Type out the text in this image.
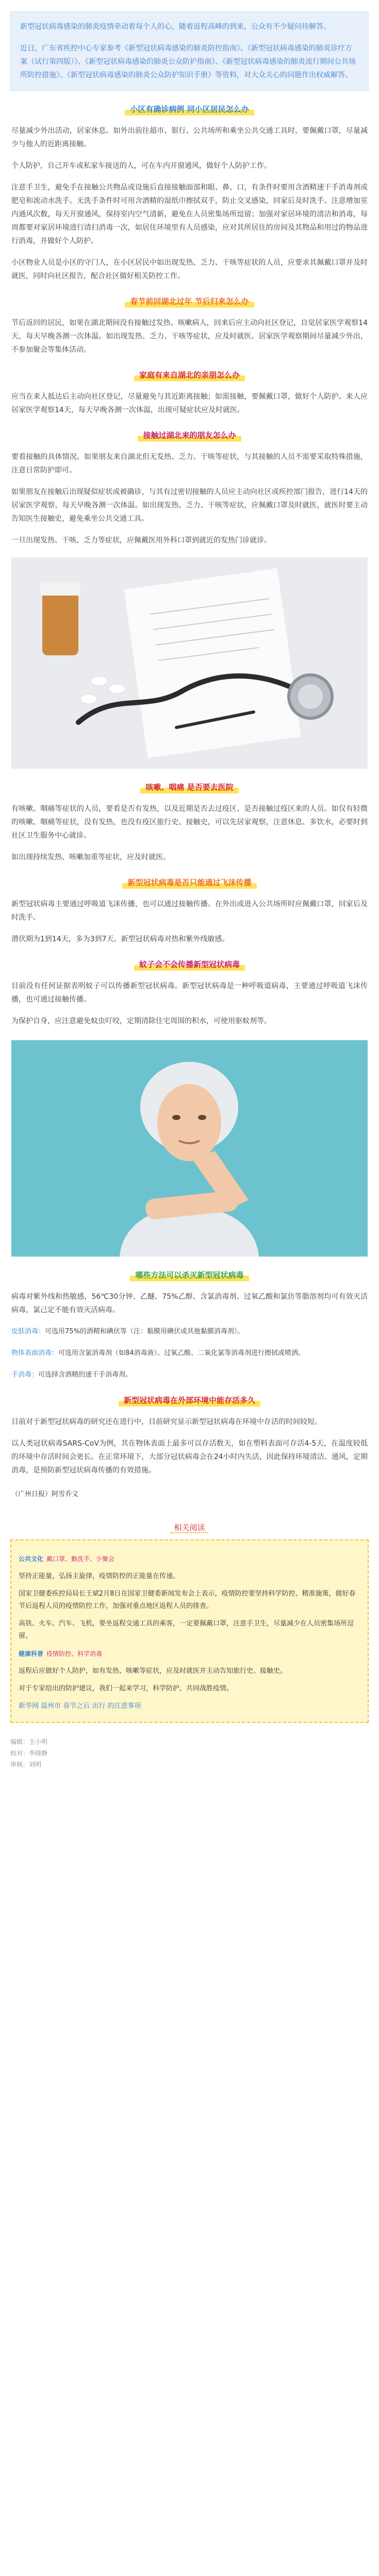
新型冠状病毒感染的肺炎疫情牵动着每个人的心，随着返程高峰的到来，公众有不少疑问待解答。

近日，广东省疾控中心专家参考《新型冠状病毒感染的肺炎防控指南》、《新型冠状病毒感染的肺炎诊疗方案（试行第四版）》、《新型冠状病毒感染的肺炎公众防护指南》、《新型冠状病毒感染的肺炎流行期间公共场所防控措施》、《新型冠状病毒感染的肺炎公众防护知识手册》等资料，对大众关心的问题作出权威解答。

小区有确诊病例 同小区居民怎么办

尽量减少外出活动，居家休息。如外出前往超市、银行、公共场所和乘坐公共交通工具时，要佩戴口罩，尽量减少与他人的近距离接触。

个人防护，自己开车或私家车接送的人，可在车内开窗通风，做好个人防护工作。

注意手卫生，避免手在接触公共物品或设施后直接接触面部和眼、鼻、口，有条件时要用含酒精速干手消毒剂或肥皂和流动水洗手。无洗手条件时可用含酒精的湿纸巾擦拭双手，防止交叉感染，回家后及时洗手。注意增加室内通风次数，每天开窗通风，保持室内空气清新，避免在人员密集场所逗留；加强对家居环境的清洁和消毒，每周都要对家居环境进行清扫消毒一次，如居住环境里有人员感染，应对其所居住的房间及其物品和用过的物品进行消毒，并做好个人防护。

小区物业人员是小区的守门人，在小区居民中如出现发热、乏力、干咳等症状的人员，应要求其佩戴口罩并及时就医，同时向社区报告，配合社区做好相关防控工作。

春节前回湖北过年 节后归来怎么办

节后返回的居民，如果在湖北期间没有接触过发热、咳嗽病人，回来后应主动向社区登记，自觉居家医学观察14天，每天早晚各测一次体温。如出现发热、乏力、干咳等症状，应及时就医。居家医学观察期间尽量减少外出，不参加聚会等集体活动。

家庭有来自湖北的亲朋怎么办

应当在来人抵达后主动向社区登记，尽量避免与其近距离接触；如需接触，要佩戴口罩，做好个人防护。来人应居家医学观察14天，每天早晚各测一次体温，出现可疑症状应及时就医。

接触过湖北来的朋友怎么办

要看接触的具体情况。如果朋友来自湖北但无发热、乏力、干咳等症状，与其接触的人员不需要采取特殊措施，注意日常防护即可。

如果朋友在接触后出现疑似症状或被确诊，与其有过密切接触的人员应主动向社区或疾控部门报告，进行14天的居家医学观察，每天早晚各测一次体温。如出现发热、乏力、干咳等症状，应佩戴口罩及时就医，就医时要主动告知医生接触史，避免乘坐公共交通工具。

一旦出现发热、干咳、乏力等症状，应佩戴医用外科口罩到就近的发热门诊就诊。

咳嗽、咽痛 是否要去医院

有咳嗽、咽痛等症状的人员，要看是否有发热，以及近期是否去过疫区、是否接触过疫区来的人员。如仅有轻微的咳嗽、咽痛等症状，没有发热，也没有疫区旅行史、接触史，可以先居家观察，注意休息、多饮水，必要时到社区卫生服务中心就诊。

如出现持续发热、咳嗽加重等症状，应及时就医。

新型冠状病毒是否只能通过飞沫传播

新型冠状病毒主要通过呼吸道飞沫传播，也可以通过接触传播。在外出或进入公共场所时应佩戴口罩，回家后及时洗手。

潜伏期为1到14天，多为3到7天。新型冠状病毒对热和紫外线敏感。

蚊子会不会传播新型冠状病毒

目前没有任何证据表明蚊子可以传播新型冠状病毒。新型冠状病毒是一种呼吸道病毒，主要通过呼吸道飞沫传播，也可通过接触传播。

为保护自身，应注意避免蚊虫叮咬，定期清除住宅周围的积水，可使用驱蚊剂等。

哪些方法可以杀灭新型冠状病毒

病毒对紫外线和热敏感，56℃30分钟、乙醚、75%乙醇、含氯消毒剂、过氧乙酸和氯仿等脂溶剂均可有效灭活病毒，氯己定不能有效灭活病毒。

皮肤消毒：可选用75%的酒精和碘伏等（注：黏膜用碘伏或其他黏膜消毒剂）。

物体表面消毒：可选用含氯消毒剂（如84消毒液）、过氧乙酸、二氧化氯等消毒剂进行擦拭或喷洒。

手消毒：可选择含酒精的速干手消毒剂。

新型冠状病毒在外部环境中能存活多久

目前对于新型冠状病毒的研究还在进行中，目前研究显示新型冠状病毒在环境中存活的时间较短。

以人类冠状病毒SARS-CoV为例，其在物体表面上最多可以存活数天，如在塑料表面可存活4-5天，在温度较低的环境中存活时间会更长。在正常环境下，大部分冠状病毒会在24小时内失活，因此保持环境清洁、通风，定期消毒，是预防新型冠状病毒传播的有效措施。

（广州日报）阿雪乔文

相关阅读
公共文化 戴口罩、勤洗手、少聚会

坚持正能量，弘扬主旋律，疫情防控的正能量在传递。

国家卫健委疾控局局长王斌2月8日在国家卫健委新闻发布会上表示，疫情防控要坚持科学防控、精准施策，做好春节后返程人员的疫情防控工作，加强对重点地区返程人员的排查。

高铁、火车、汽车、飞机，要坐返程交通工具的乘客，一定要佩戴口罩，注意手卫生，尽量减少在人员密集场所逗留。

健康科普 疫情防控、科学消毒

返程后应做好个人防护，如有发热、咳嗽等症状，应及时就医并主动告知旅行史、接触史。

对于专家给出的防护建议，我们一起来学习，科学防护，共同战胜疫情。

新华网 温州市 春节之后 出行 的注意事项

编辑：王小明
校对：李晓静
审核：刘明
